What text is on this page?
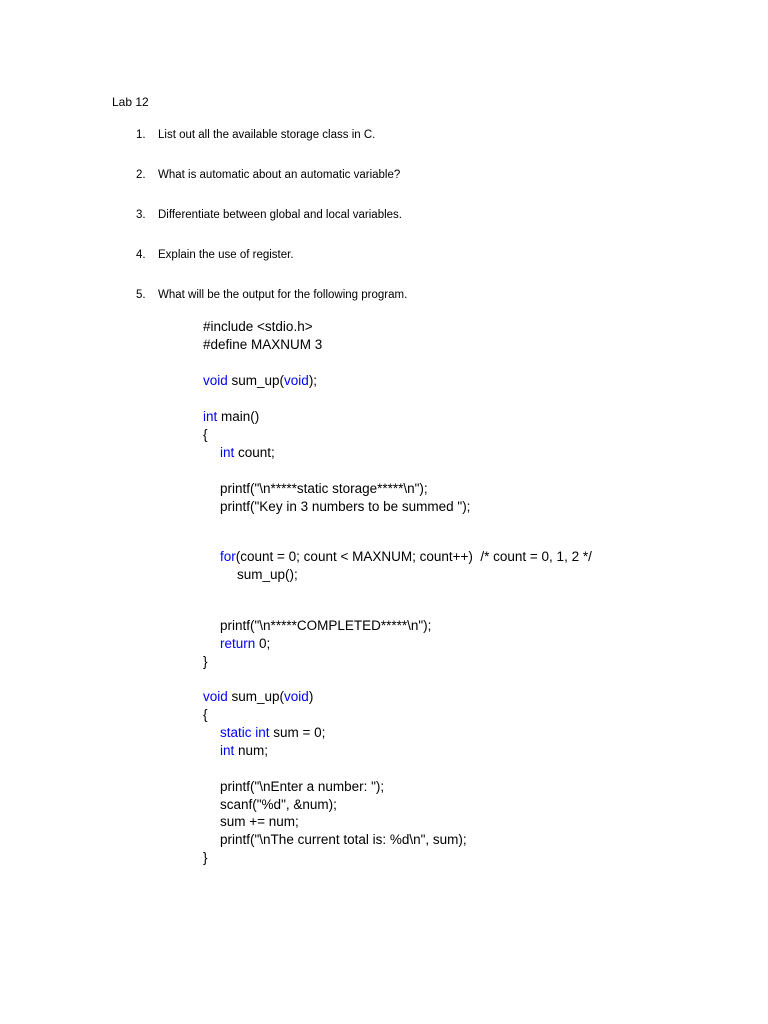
Lab 12
1. List out all the available storage class in C.
2. What is automatic about an automatic variable?
3. Differentiate between global and local variables.
4. Explain the use of register.
5. What will be the output for the following program.

#include <stdio.h>

#define MAXNUM 3

void sum_up(void);

int main()

{

int count;

printf("\n*****static storage*****\n");

printf("Key in 3 numbers to be summed ");

for(count = 0; count < MAXNUM; count++)  /* count = 0, 1, 2 */

sum_up();

printf("\n*****COMPLETED*****\n");

return 0;

}

void sum_up(void)

{

static int sum = 0;

int num;

printf("\nEnter a number: ");

scanf("%d", &num);

sum += num;

printf("\nThe current total is: %d\n", sum);

}
